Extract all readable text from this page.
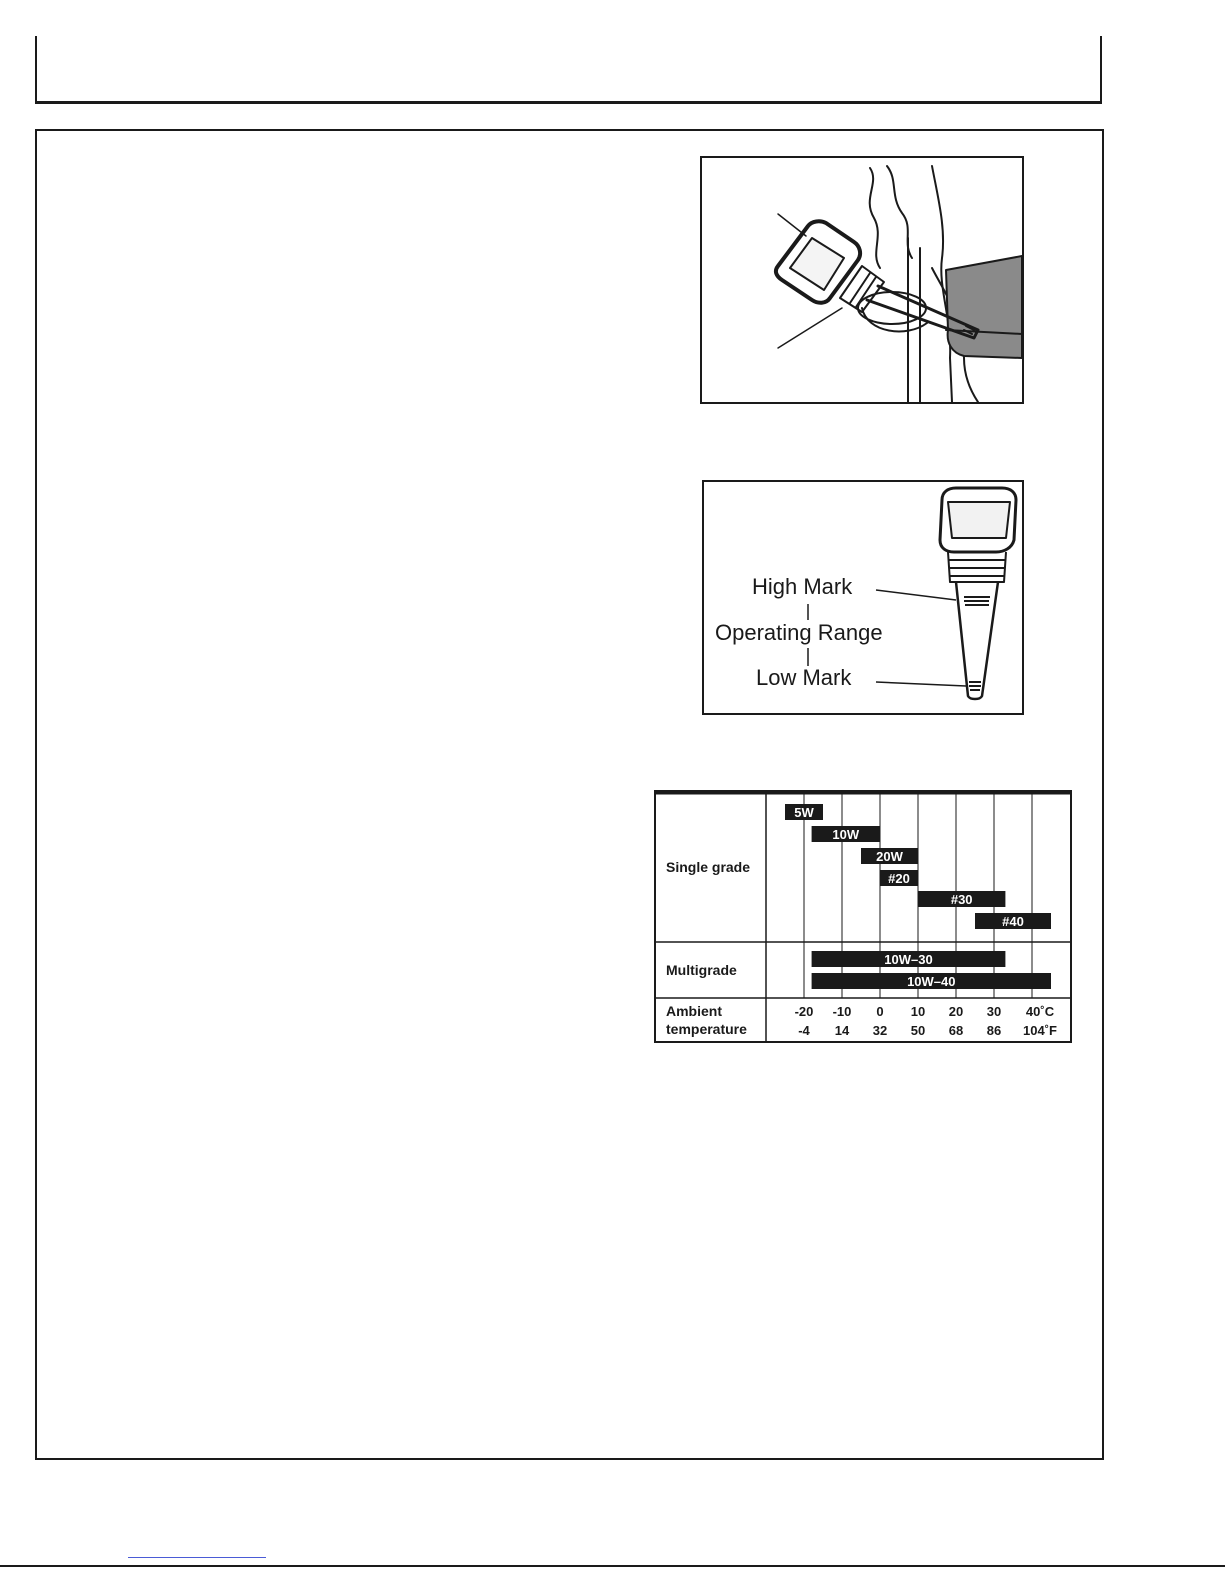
High Mark
Operating Range
Low Mark
Single grade
Multigrade
Ambient
temperature
5W
10W
20W
#20
#30
#40
10W–30
10W–40
-20
-4
-10
14
0
32
10
50
20
68
30
86
40˚C
104˚F
